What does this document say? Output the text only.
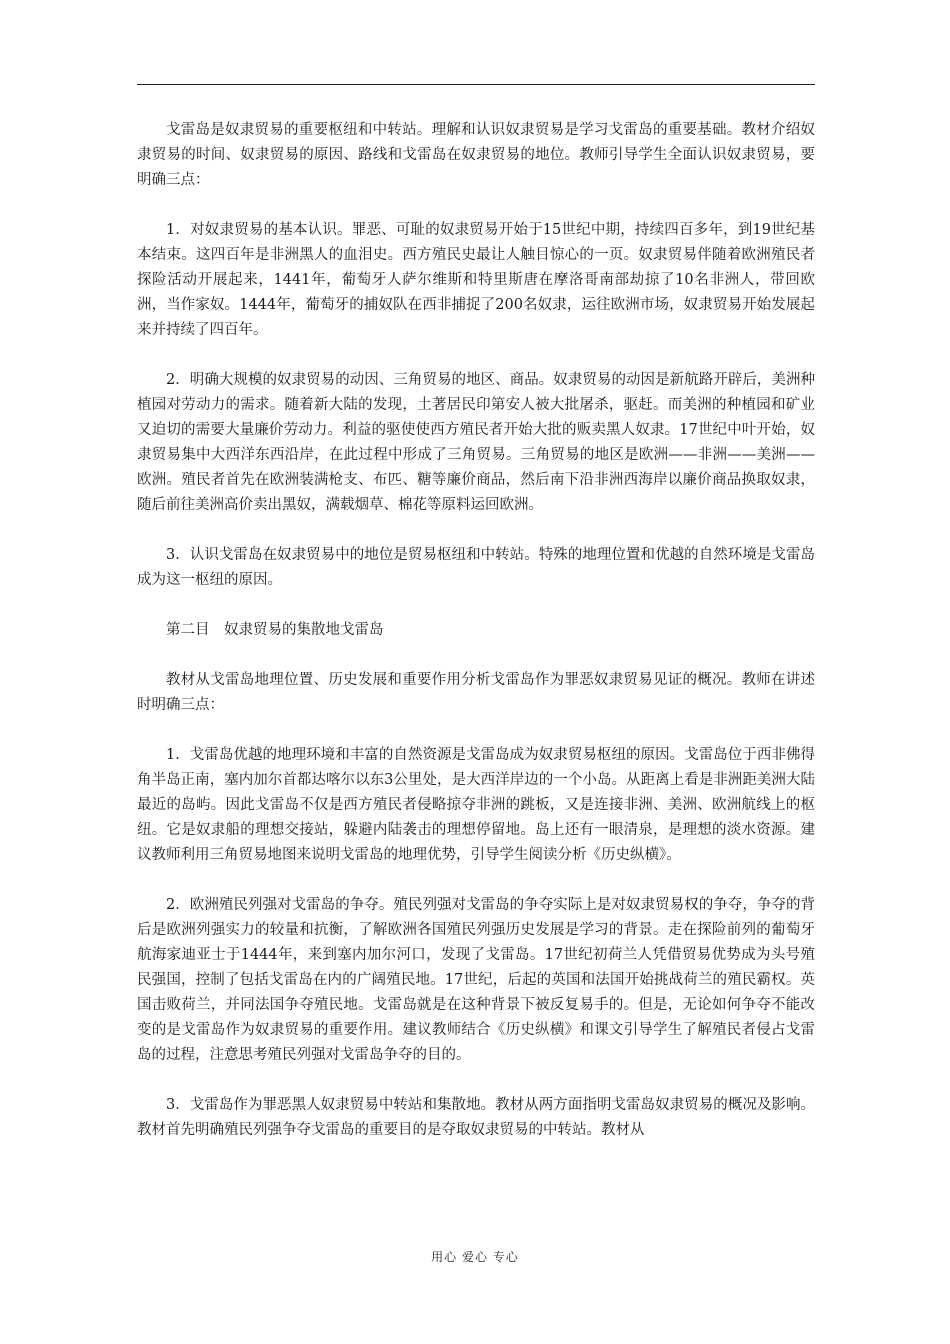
戈雷岛是奴隶贸易的重要枢纽和中转站。理解和认识奴隶贸易是学习戈雷岛的重要基础。教材介绍奴隶贸易的时间、奴隶贸易的原因、路线和戈雷岛在奴隶贸易的地位。教师引导学生全面认识奴隶贸易，要明确三点：

1．对奴隶贸易的基本认识。罪恶、可耻的奴隶贸易开始于15世纪中期，持续四百多年，到19世纪基本结束。这四百年是非洲黑人的血泪史。西方殖民史最让人触目惊心的一页。奴隶贸易伴随着欧洲殖民者探险活动开展起来，1441年，葡萄牙人萨尔维斯和特里斯唐在摩洛哥南部劫掠了10名非洲人，带回欧洲，当作家奴。1444年，葡萄牙的捕奴队在西非捕捉了200名奴隶，运往欧洲市场，奴隶贸易开始发展起来并持续了四百年。

2．明确大规模的奴隶贸易的动因、三角贸易的地区、商品。奴隶贸易的动因是新航路开辟后，美洲种植园对劳动力的需求。随着新大陆的发现，土著居民印第安人被大批屠杀，驱赶。而美洲的种植园和矿业又迫切的需要大量廉价劳动力。利益的驱使使西方殖民者开始大批的贩卖黑人奴隶。17世纪中叶开始，奴隶贸易集中大西洋东西沿岸，在此过程中形成了三角贸易。三角贸易的地区是欧洲——非洲——美洲——欧洲。殖民者首先在欧洲装满枪支、布匹、糖等廉价商品，然后南下沿非洲西海岸以廉价商品换取奴隶，随后前往美洲高价卖出黑奴，满载烟草、棉花等原料运回欧洲。

3．认识戈雷岛在奴隶贸易中的地位是贸易枢纽和中转站。特殊的地理位置和优越的自然环境是戈雷岛成为这一枢纽的原因。

第二目　奴隶贸易的集散地戈雷岛

教材从戈雷岛地理位置、历史发展和重要作用分析戈雷岛作为罪恶奴隶贸易见证的概况。教师在讲述时明确三点：

1．戈雷岛优越的地理环境和丰富的自然资源是戈雷岛成为奴隶贸易枢纽的原因。戈雷岛位于西非佛得角半岛正南，塞内加尔首都达喀尔以东3公里处，是大西洋岸边的一个小岛。从距离上看是非洲距美洲大陆最近的岛屿。因此戈雷岛不仅是西方殖民者侵略掠夺非洲的跳板，又是连接非洲、美洲、欧洲航线上的枢纽。它是奴隶船的理想交接站，躲避内陆袭击的理想停留地。岛上还有一眼清泉，是理想的淡水资源。建议教师利用三角贸易地图来说明戈雷岛的地理优势，引导学生阅读分析《历史纵横》。

2．欧洲殖民列强对戈雷岛的争夺。殖民列强对戈雷岛的争夺实际上是对奴隶贸易权的争夺，争夺的背后是欧洲列强实力的较量和抗衡，了解欧洲各国殖民列强历史发展是学习的背景。走在探险前列的葡萄牙航海家迪亚士于1444年，来到塞内加尔河口，发现了戈雷岛。17世纪初荷兰人凭借贸易优势成为头号殖民强国，控制了包括戈雷岛在内的广阔殖民地。17世纪，后起的英国和法国开始挑战荷兰的殖民霸权。英国击败荷兰，并同法国争夺殖民地。戈雷岛就是在这种背景下被反复易手的。但是，无论如何争夺不能改变的是戈雷岛作为奴隶贸易的重要作用。建议教师结合《历史纵横》和课文引导学生了解殖民者侵占戈雷岛的过程，注意思考殖民列强对戈雷岛争夺的目的。

3．戈雷岛作为罪恶黑人奴隶贸易中转站和集散地。教材从两方面指明戈雷岛奴隶贸易的概况及影响。教材首先明确殖民列强争夺戈雷岛的重要目的是夺取奴隶贸易的中转站。教材从

用心 爱心 专心
